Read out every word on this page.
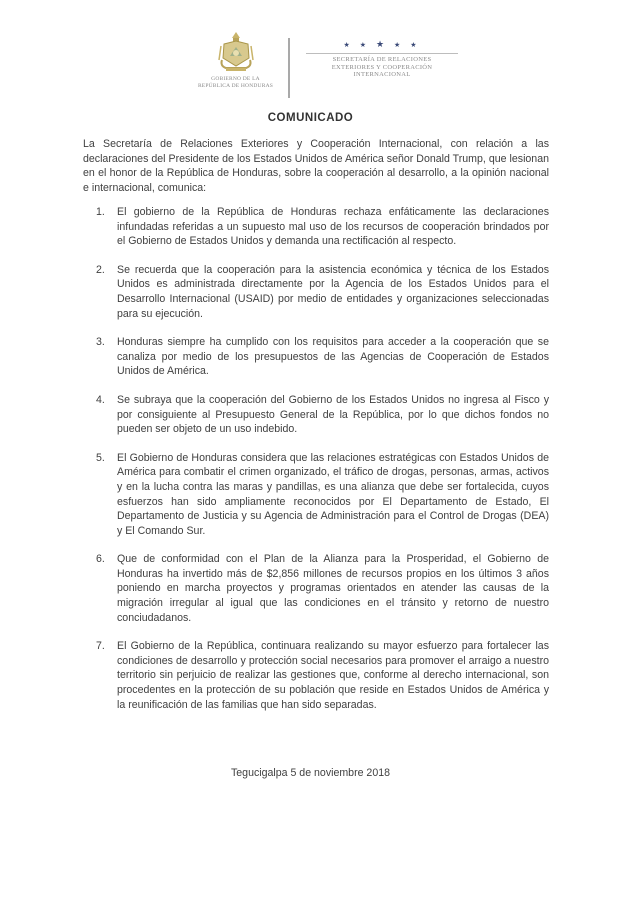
GOBIERNO DE LA
REPÚBLICA DE HONDURAS
★ ★ ★ ★ ★
SECRETARÍA DE RELACIONES
EXTERIORES Y COOPERACIÓN
INTERNACIONAL
COMUNICADO

La Secretaría de Relaciones Exteriores y Cooperación Internacional, con relación a las declaraciones del Presidente de los Estados Unidos de América señor Donald Trump, que lesionan en el honor de la República de Honduras, sobre la cooperación al desarrollo, a la opinión nacional e internacional, comunica:

1.	El gobierno de la República de Honduras rechaza enfáticamente las declaraciones infundadas referidas a un supuesto mal uso de los recursos de cooperación brindados por el Gobierno de Estados Unidos y demanda una rectificación al respecto.
2.	Se recuerda que la cooperación para la asistencia económica y técnica de los Estados Unidos es administrada directamente por la Agencia de los Estados Unidos para el Desarrollo Internacional (USAID) por medio de entidades y organizaciones seleccionadas para su ejecución.
3.	Honduras siempre ha cumplido con los requisitos para acceder a la cooperación que se canaliza por medio de los presupuestos de las Agencias de Cooperación de Estados Unidos de América.
4.	Se subraya que la cooperación del Gobierno de los Estados Unidos no ingresa al Fisco y por consiguiente al Presupuesto General de la República, por lo que dichos fondos no pueden ser objeto de un uso indebido.
5.	El Gobierno de Honduras considera que las relaciones estratégicas con Estados Unidos de América para combatir el crimen organizado, el tráfico de drogas, personas, armas, activos y en la lucha contra las maras y pandillas, es una alianza que debe ser fortalecida, cuyos esfuerzos han sido ampliamente reconocidos por El Departamento de Estado, El Departamento de Justicia y su Agencia de Administración para el Control de Drogas (DEA) y El Comando Sur.
6.	Que de conformidad con el Plan de la Alianza para la Prosperidad, el Gobierno de Honduras ha invertido más de $2,856 millones de recursos propios en los últimos 3 años poniendo en marcha proyectos y programas orientados en atender las causas de la migración irregular al igual que las condiciones en el tránsito y retorno de nuestro conciudadanos.
7.	El Gobierno de la República, continuara realizando su mayor esfuerzo para fortalecer las condiciones de desarrollo y protección social necesarios para promover el arraigo a nuestro territorio sin perjuicio de realizar las gestiones que, conforme al derecho internacional, son procedentes en la protección de su población que reside en Estados Unidos de América y la reunificación de las familias que han sido separadas.
Tegucigalpa 5 de noviembre 2018
